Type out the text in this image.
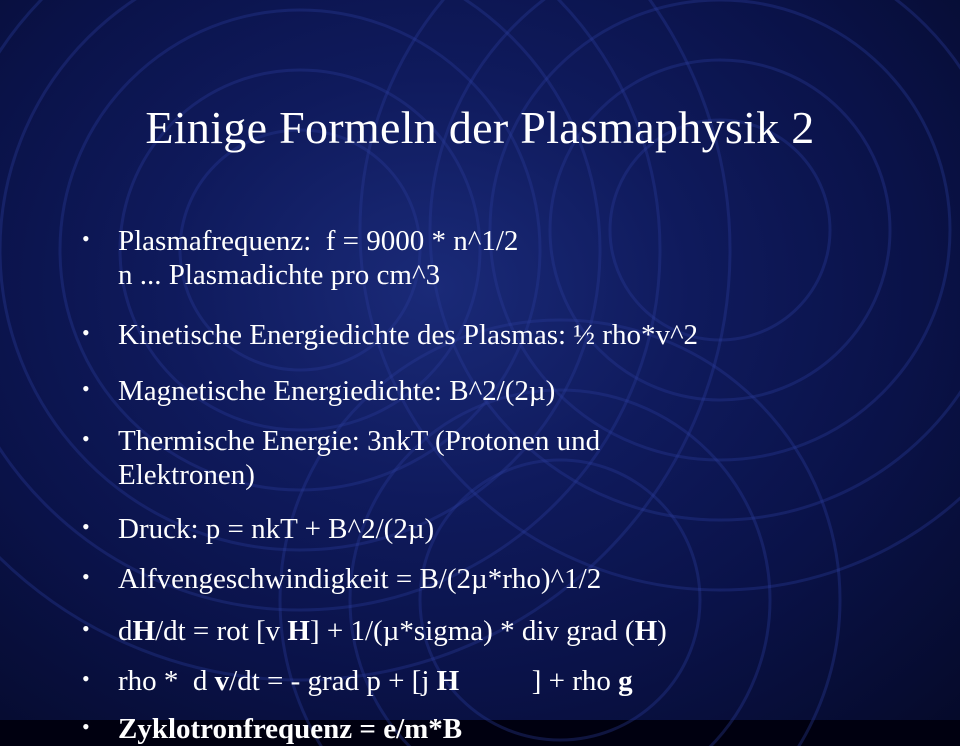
Einige Formeln der Plasmaphysik 2
• Plasmafrequenz:  f = 9000 * n^1/2
n ... Plasmadichte pro cm^3
• Kinetische Energiedichte des Plasmas: ½ rho*v^2
• Magnetische Energiedichte: B^2/(2µ)
• Thermische Energie: 3nkT (Protonen und
Elektronen)
• Druck: p = nkT + B^2/(2µ)
• Alfvengeschwindigkeit = B/(2µ*rho)^1/2
• dH/dt = rot [v H] + 1/(µ*sigma) * div grad (H)
• rho *  d v/dt = - grad p + [j H          ] + rho g
• Zyklotronfrequenz = e/m*B
